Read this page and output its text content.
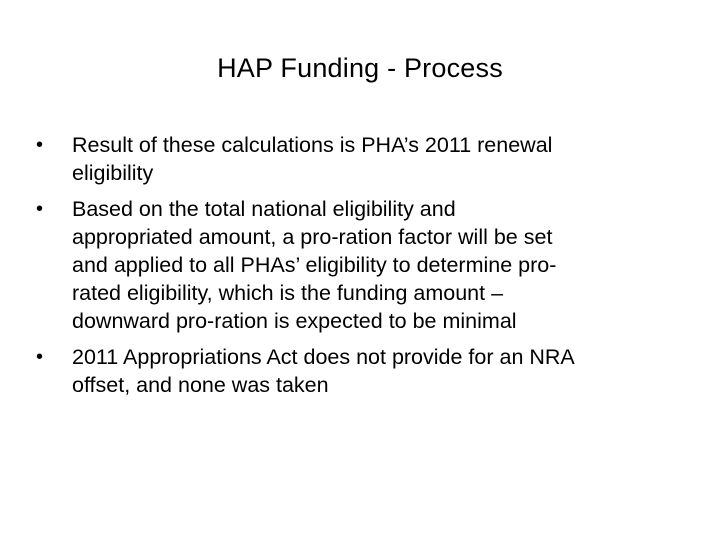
HAP Funding - Process
•	Result of these calculations is PHA’s 2011 renewal
eligibility
•	Based on the total national eligibility and
appropriated amount, a pro-ration factor will be set
and applied to all PHAs’ eligibility to determine pro-
rated eligibility, which is the funding amount –
downward pro-ration is expected to be minimal
•	2011 Appropriations Act does not provide for an NRA
offset, and none was taken
